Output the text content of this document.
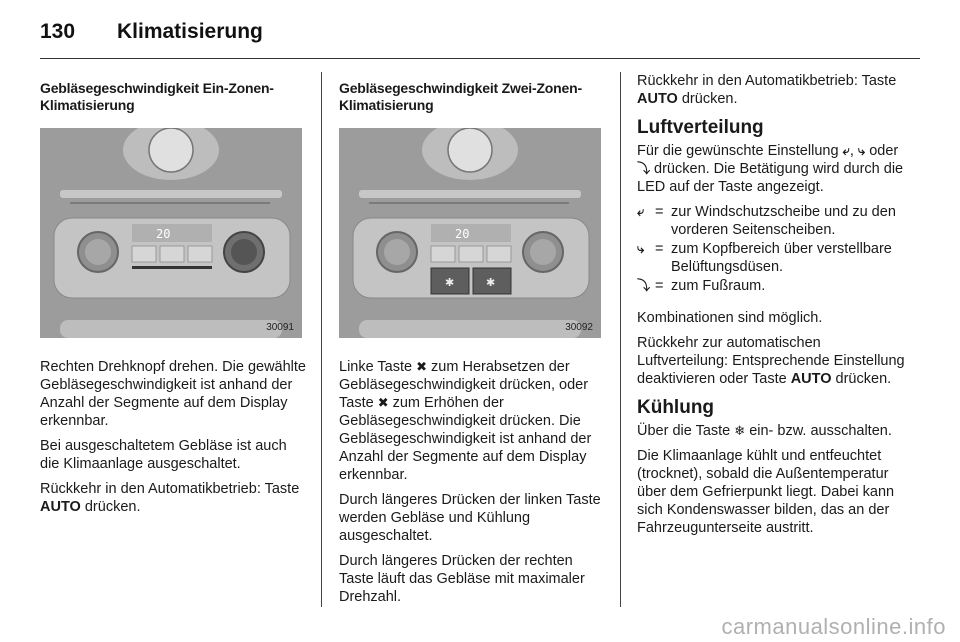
130 Klimatisierung
Gebläsegeschwindigkeit Ein-Zonen-Klimatisierung
20
30091

Rechten Drehknopf drehen. Die gewählte Gebläsegeschwindigkeit ist anhand der Anzahl der Segmente auf dem Display erkennbar.

Bei ausgeschaltetem Gebläse ist auch die Klimaanlage ausgeschaltet.

Rückkehr in den Automatikbetrieb: Taste AUTO drücken.

Gebläsegeschwindigkeit Zwei-Zonen-Klimatisierung
20
✱	✱
30092

Linke Taste ✖ zum Herabsetzen der Gebläsegeschwindigkeit drücken, oder Taste ✖ zum Erhöhen der Gebläsegeschwindigkeit drücken. Die Gebläsegeschwindigkeit ist anhand der Anzahl der Segmente auf dem Display erkennbar.

Durch längeres Drücken der linken Taste werden Gebläse und Kühlung ausgeschaltet.

Durch längeres Drücken der rechten Taste läuft das Gebläse mit maximaler Drehzahl.

Rückkehr in den Automatikbetrieb: Taste AUTO drücken.

Luftverteilung

Für die gewünschte Einstellung ⤶, ⤷ oder ⤵ drücken. Die Betätigung wird durch die LED auf der Taste angezeigt.

⤶ = zur Windschutzscheibe und zu den vorderen Seitenscheiben.
⤷ = zum Kopfbereich über verstellbare Belüftungsdüsen.
⤵ = zum Fußraum.

Kombinationen sind möglich.

Rückkehr zur automatischen Luftverteilung: Entsprechende Einstellung deaktivieren oder Taste AUTO drücken.

Kühlung

Über die Taste ❄ ein- bzw. ausschalten.

Die Klimaanlage kühlt und entfeuchtet (trocknet), sobald die Außentemperatur über dem Gefrierpunkt liegt. Dabei kann sich Kondenswasser bilden, das an der Fahrzeugunterseite austritt.

carmanualsonline.info
